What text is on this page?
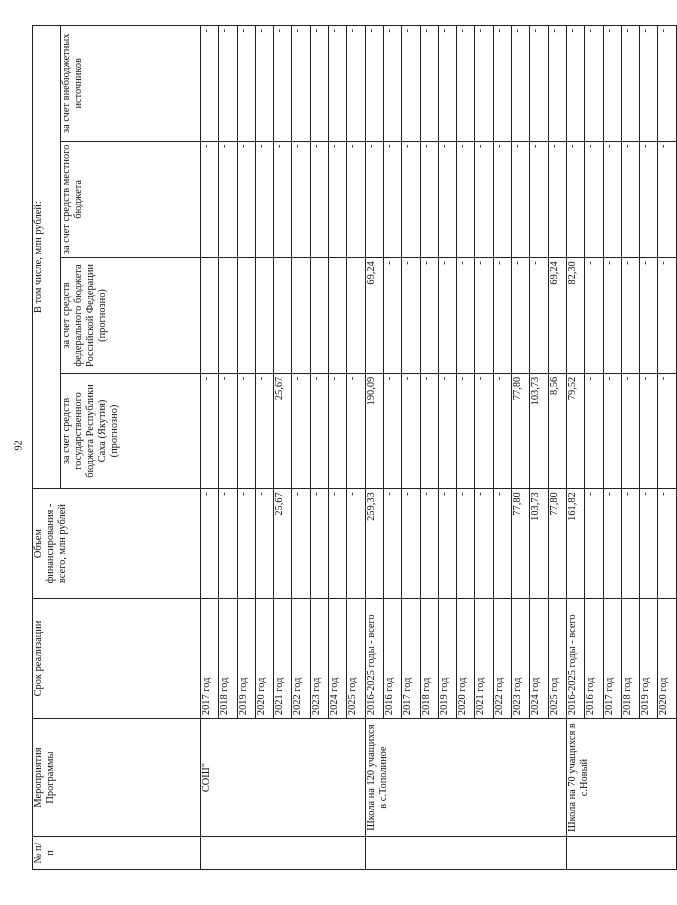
92
№ п/п	Мероприятия Программы	Срок реализации	Объем финансирования - всего, млн рублей	В том числе, млн рублей:			
				за счет средств государственного бюджета Республики Саха (Якутия) (прогнозно)	за счет средств федерального бюджета Российской Федерации (прогнозно)	за счет средств местного бюджета	за счет внебюджетных источников
	СОШ"	2017 год	-	-		-	-
		2018 год	-	-		-	-
		2019 год	-	-		-	-
		2020 год	-	-		-	-
		2021 год	25,67	25,67		-	-
		2022 год	-	-		-	-
		2023 год	-	-		-	-
		2024 год	-	-		-	-
		2025 год	-	-		-	-
	Школа на 120 учащихся в с.Тополиное	2016-2025 годы - всего	259,33	190,09	69,24	-	-
		2016 год	-	-	-	-	-
		2017 год	-	-	-	-	-
		2018 год	-	-	-	-	-
		2019 год	-	-	-	-	-
		2020 год	-	-	-	-	-
		2021 год	-	-	-	-	-
		2022 год	-	-	-	-	-
		2023 год	77,80	77,80	-	-	-
		2024 год	103,73	103,73	-	-	-
		2025 год	77,80	8,56	69,24	-	-
	Школа на 70 учащихся в с.Новый	2016-2025 годы - всего	161,82	79,52	82,30	-	-
		2016 год	-	-	-	-	-
		2017 год	-	-	-	-	-
		2018 год	-	-	-	-	-
		2019 год	-	-	-	-	-
		2020 год	-	-	-	-	-
